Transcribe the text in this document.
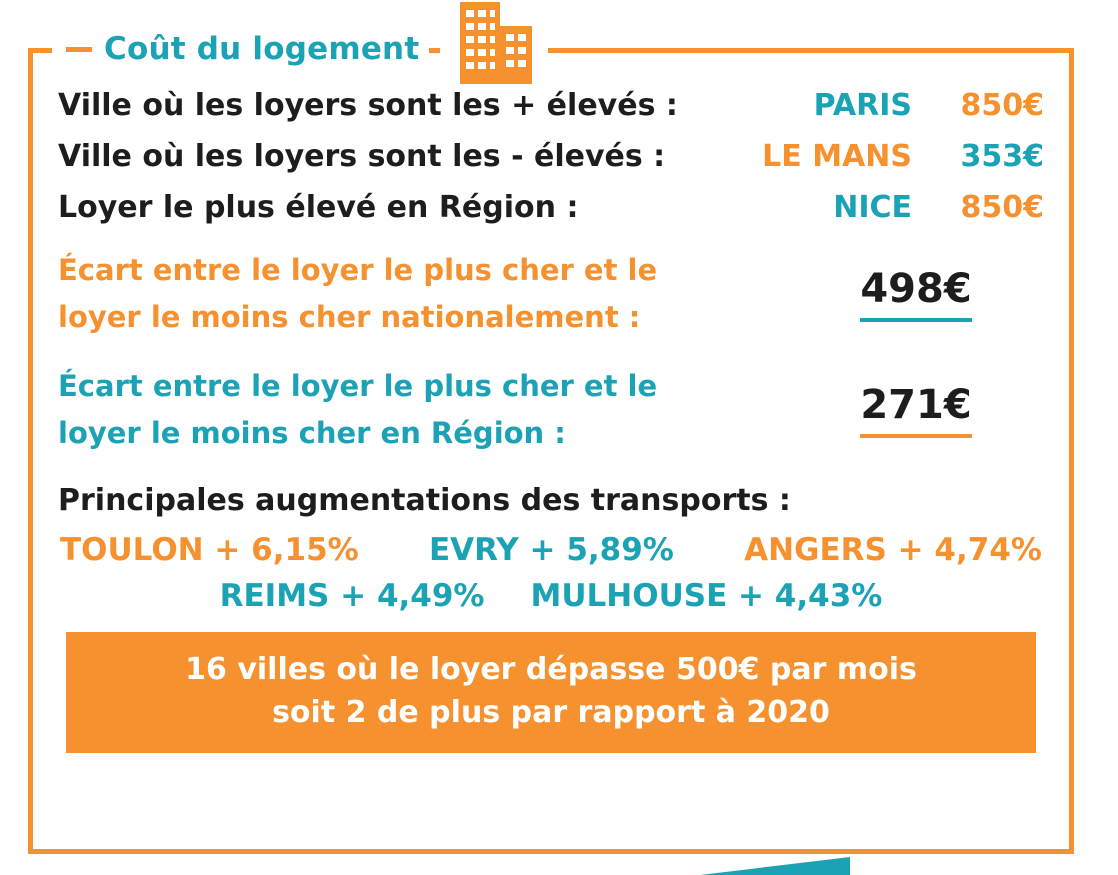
Coût du logement
Ville où les loyers sont les + élevés :	PARIS	850€
Ville où les loyers sont les - élevés :	LE MANS	353€
Loyer le plus élevé en Région :	NICE	850€
Écart entre le loyer le plus cher et le
loyer le moins cher nationalement :
498€
Écart entre le loyer le plus cher et le
loyer le moins cher en Région :
271€
Principales augmentations des transports :
TOULON + 6,15% EVRY + 5,89% ANGERS + 4,74%
REIMS + 4,49% MULHOUSE + 4,43%
16 villes où le loyer dépasse 500€ par mois
soit 2 de plus par rapport à 2020
